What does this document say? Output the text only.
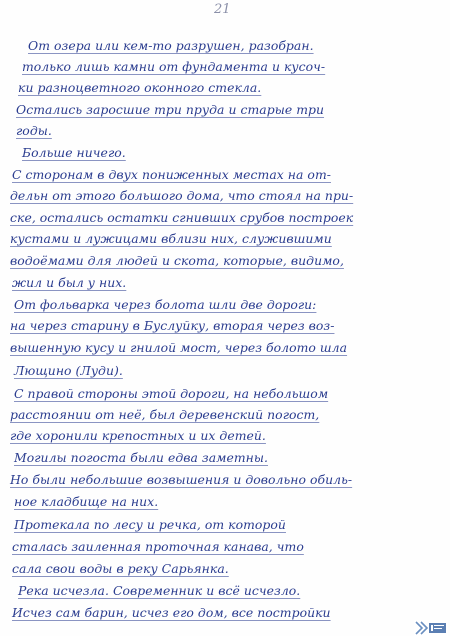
21
От озера или кем-то разрушен, разобран.
только лишь камни от фундамента и кусоч-
ки разноцветного оконного стекла.
Остались заросшие три пруда и старые три
годы.
Больше ничего.
С сторонам в двух пониженных местах на от-
дельн от этого большого дома, что стоял на при-
ске, остались остатки сгнивших срубов построек
кустами и лужицами вблизи них, служившими
водоёмами для людей и скота, которые, видимо,
жил и был у них.
От фольварка через болота шли две дороги:
на через старину в Буслуйку, вторая через воз-
вышенную кусу и гнилой мост, через болото шла
Лющино (Луди).
С правой стороны этой дороги, на небольшом
расстоянии от неё, был деревенский погост,
где хоронили крепостных и их детей.
Могилы погоста были едва заметны.
Но были небольшие возвышения и довольно обиль-
ное кладбище на них.
Протекала по лесу и речка, от которой
сталась заиленная проточная канава, что
сала свои воды в реку Сарьянка.
Река исчезла. Современник и всё исчезло.
Исчез сам барин, исчез его дом, все постройки
